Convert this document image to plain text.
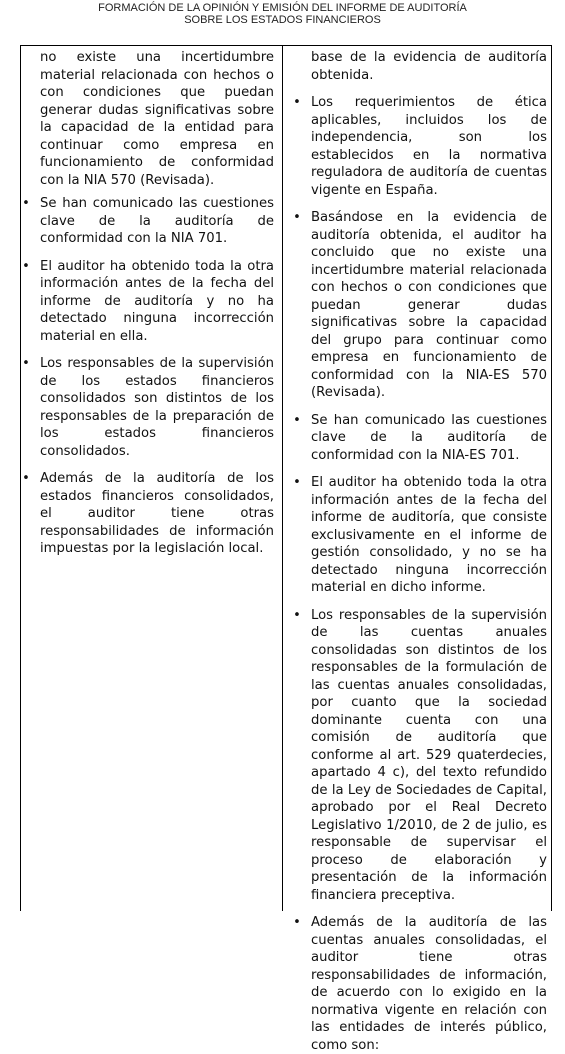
FORMACIÓN DE LA OPINIÓN Y EMISIÓN DEL INFORME DE AUDITORÍA
SOBRE LOS ESTADOS FINANCIEROS

no existe una incertidumbre material relacionada con hechos o con condiciones que puedan generar dudas significativas sobre la capacidad de la entidad para continuar como empresa en funcionamiento de conformidad con la NIA 570 (Revisada).

• Se han comunicado las cuestiones clave de la auditoría de conformidad con la NIA 701.
• El auditor ha obtenido toda la otra información antes de la fecha del informe de auditoría y no ha detectado ninguna incorrección material en ella.
• Los responsables de la supervisión de los estados financieros consolidados son distintos de los responsables de la preparación de los estados financieros consolidados.
• Además de la auditoría de los estados financieros consolidados, el auditor tiene otras responsabilidades de información impuestas por la legislación local.

base de la evidencia de auditoría obtenida.

• Los requerimientos de ética aplicables, incluidos los de independencia, son los establecidos en la normativa reguladora de auditoría de cuentas vigente en España.
• Basándose en la evidencia de auditoría obtenida, el auditor ha concluido que no existe una incertidumbre material relacionada con hechos o con condiciones que puedan generar dudas significativas sobre la capacidad del grupo para continuar como empresa en funcionamiento de conformidad con la NIA-ES 570 (Revisada).
• Se han comunicado las cuestiones clave de la auditoría de conformidad con la NIA-ES 701.
• El auditor ha obtenido toda la otra información antes de la fecha del informe de auditoría, que consiste exclusivamente en el informe de gestión consolidado, y no se ha detectado ninguna incorrección material en dicho informe.
• Los responsables de la supervisión de las cuentas anuales consolidadas son distintos de los responsables de la formulación de las cuentas anuales consolidadas, por cuanto que la sociedad dominante cuenta con una comisión de auditoría que conforme al art. 529 quaterdecies, apartado 4 c), del texto refundido de la Ley de Sociedades de Capital, aprobado por el Real Decreto Legislativo 1/2010, de 2 de julio, es responsable de supervisar el proceso de elaboración y presentación de la información financiera preceptiva.
• Además de la auditoría de las cuentas anuales consolidadas, el auditor tiene otras responsabilidades de información, de acuerdo con lo exigido en la normativa vigente en relación con las entidades de interés público, como son:
